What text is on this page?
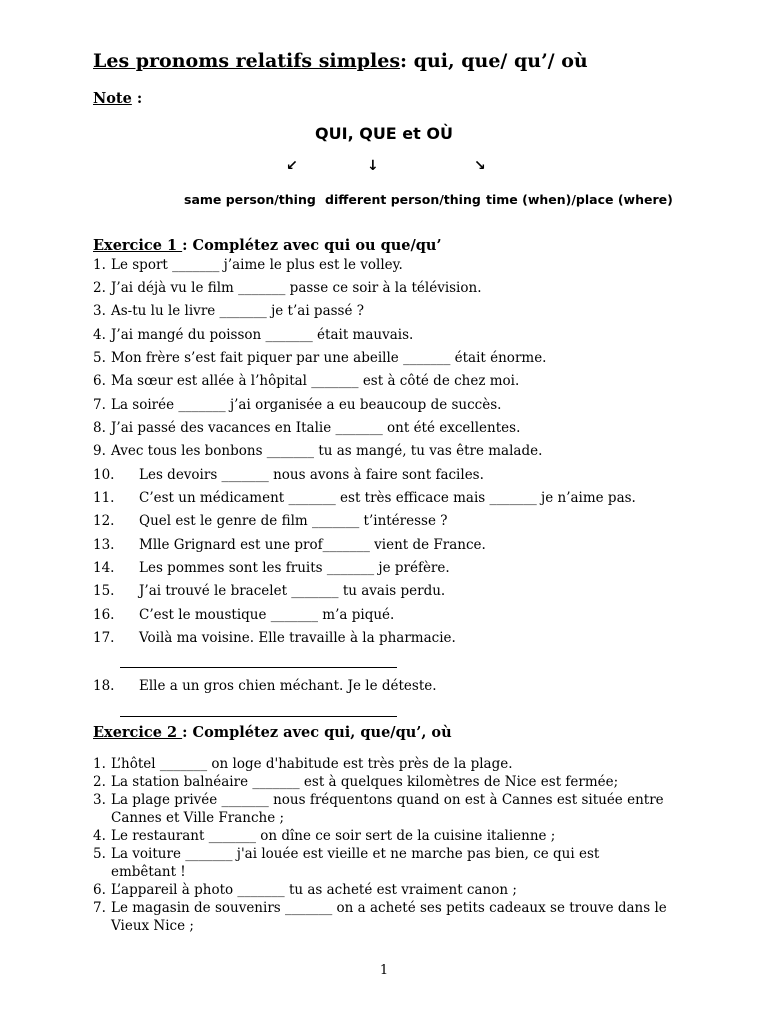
Les pronoms relatifs simples: qui, que/ qu’/ où
Note :
QUI, QUE et OÙ
↙	↓	↘
same person/thing different person/thing time (when)/place (where)
Exercice 1 : Complétez avec qui ou que/qu’
1. Le sport _______ j’aime le plus est le volley.
2. J’ai déjà vu le film _______ passe ce soir à la télévision.
3. As-tu lu le livre _______ je t’ai passé ?
4. J’ai mangé du poisson _______ était mauvais.
5. Mon frère s’est fait piquer par une abeille _______ était énorme.
6. Ma sœur est allée à l’hôpital _______ est à côté de chez moi.
7. La soirée _______ j’ai organisée a eu beaucoup de succès.
8. J’ai passé des vacances en Italie _______ ont été excellentes.
9. Avec tous les bonbons _______ tu as mangé, tu vas être malade.
10. Les devoirs _______ nous avons à faire sont faciles.
11. C’est un médicament _______ est très efficace mais _______ je n’aime pas.
12. Quel est le genre de film _______ t’intéresse ?
13. Mlle Grignard est une prof_______ vient de France.
14. Les pommes sont les fruits _______ je préfère.
15. J’ai trouvé le bracelet _______ tu avais perdu.
16. C’est le moustique _______ m’a piqué.
17. Voilà ma voisine. Elle travaille à la pharmacie.
18. Elle a un gros chien méchant. Je le déteste.
Exercice 2 : Complétez avec qui, que/qu’, où
1. L’hôtel _______ on loge d'habitude est très près de la plage.
2. La station balnéaire _______ est à quelques kilomètres de Nice est fermée;
3. La plage privée _______ nous fréquentons quand on est à Cannes est située entre
Cannes et Ville Franche ;
4. Le restaurant _______ on dîne ce soir sert de la cuisine italienne ;
5. La voiture _______ j'ai louée est vieille et ne marche pas bien, ce qui est
embêtant !
6. L’appareil à photo _______ tu as acheté est vraiment canon ;
7. Le magasin de souvenirs _______ on a acheté ses petits cadeaux se trouve dans le
Vieux Nice ;
1
